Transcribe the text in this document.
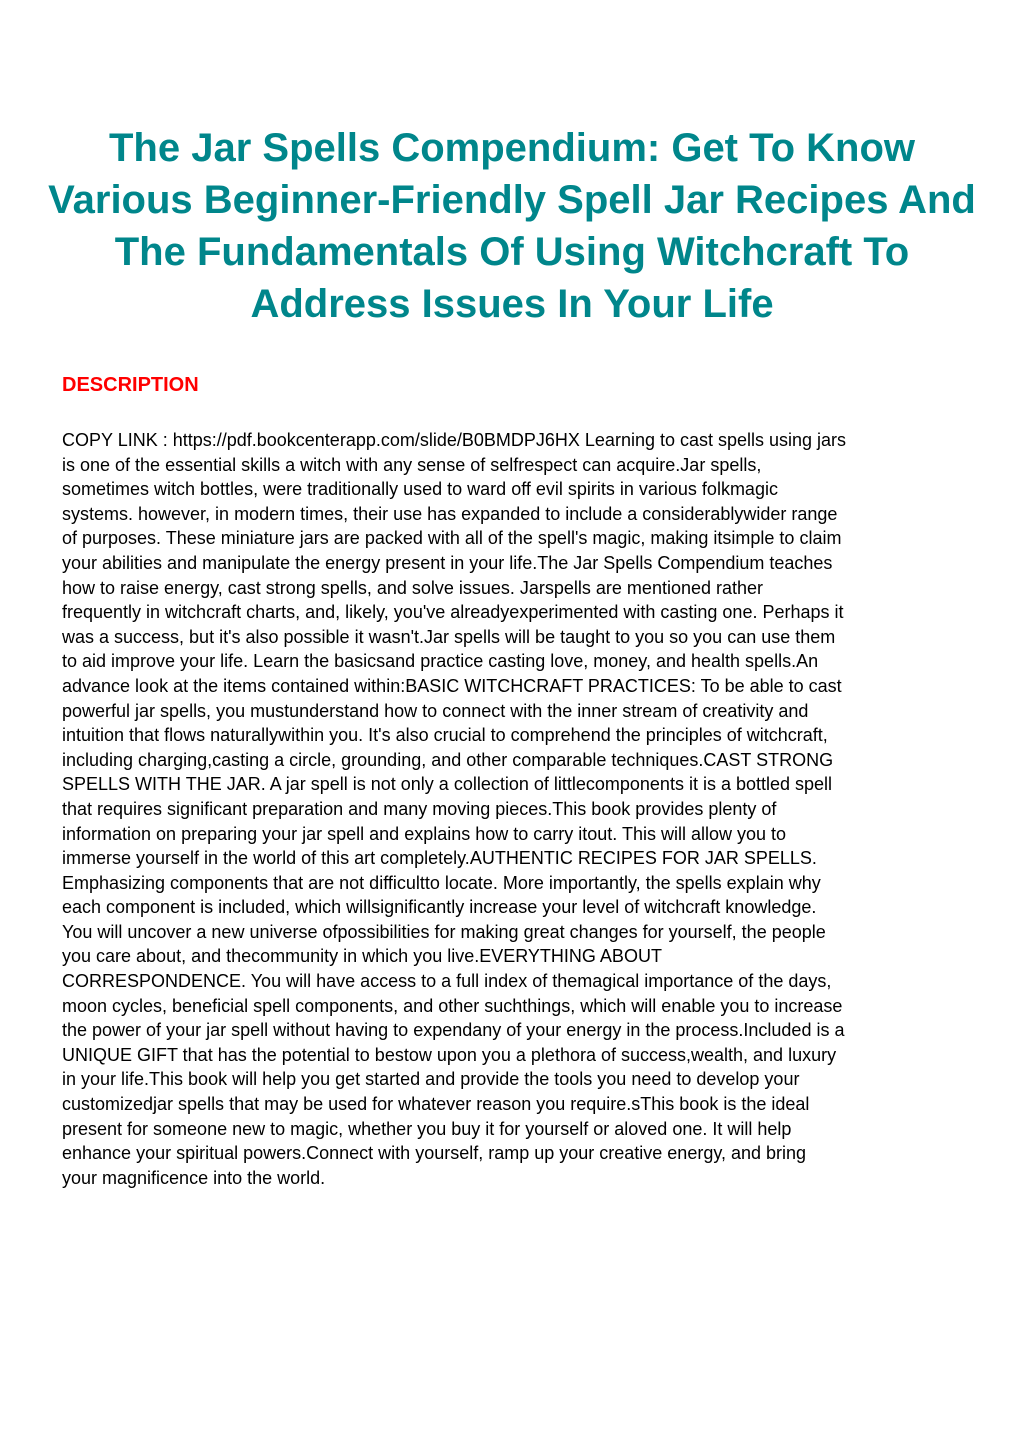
The Jar Spells Compendium: Get To Know Various Beginner-Friendly Spell Jar Recipes And The Fundamentals Of Using Witchcraft To Address Issues In Your Life
DESCRIPTION
COPY LINK : https://pdf.bookcenterapp.com/slide/B0BMDPJ6HX Learning to cast spells using jars
is one of the essential skills a witch with any sense of selfrespect can acquire.Jar spells,
sometimes witch bottles, were traditionally used to ward off evil spirits in various folkmagic
systems. however, in modern times, their use has expanded to include a considerablywider range
of purposes. These miniature jars are packed with all of the spell's magic, making itsimple to claim
your abilities and manipulate the energy present in your life.The Jar Spells Compendium teaches
how to raise energy, cast strong spells, and solve issues. Jarspells are mentioned rather
frequently in witchcraft charts, and, likely, you've alreadyexperimented with casting one. Perhaps it
was a success, but it's also possible it wasn't.Jar spells will be taught to you so you can use them
to aid improve your life. Learn the basicsand practice casting love, money, and health spells.An
advance look at the items contained within:BASIC WITCHCRAFT PRACTICES: To be able to cast
powerful jar spells, you mustunderstand how to connect with the inner stream of creativity and
intuition that flows naturallywithin you. It's also crucial to comprehend the principles of witchcraft,
including charging,casting a circle, grounding, and other comparable techniques.CAST STRONG
SPELLS WITH THE JAR. A jar spell is not only a collection of littlecomponents it is a bottled spell
that requires significant preparation and many moving pieces.This book provides plenty of
information on preparing your jar spell and explains how to carry itout. This will allow you to
immerse yourself in the world of this art completely.AUTHENTIC RECIPES FOR JAR SPELLS.
Emphasizing components that are not difficultto locate. More importantly, the spells explain why
each component is included, which willsignificantly increase your level of witchcraft knowledge.
You will uncover a new universe ofpossibilities for making great changes for yourself, the people
you care about, and thecommunity in which you live.EVERYTHING ABOUT
CORRESPONDENCE. You will have access to a full index of themagical importance of the days,
moon cycles, beneficial spell components, and other suchthings, which will enable you to increase
the power of your jar spell without having to expendany of your energy in the process.Included is a
UNIQUE GIFT that has the potential to bestow upon you a plethora of success,wealth, and luxury
in your life.This book will help you get started and provide the tools you need to develop your
customizedjar spells that may be used for whatever reason you require.sThis book is the ideal
present for someone new to magic, whether you buy it for yourself or aloved one. It will help
enhance your spiritual powers.Connect with yourself, ramp up your creative energy, and bring
your magnificence into the world.
